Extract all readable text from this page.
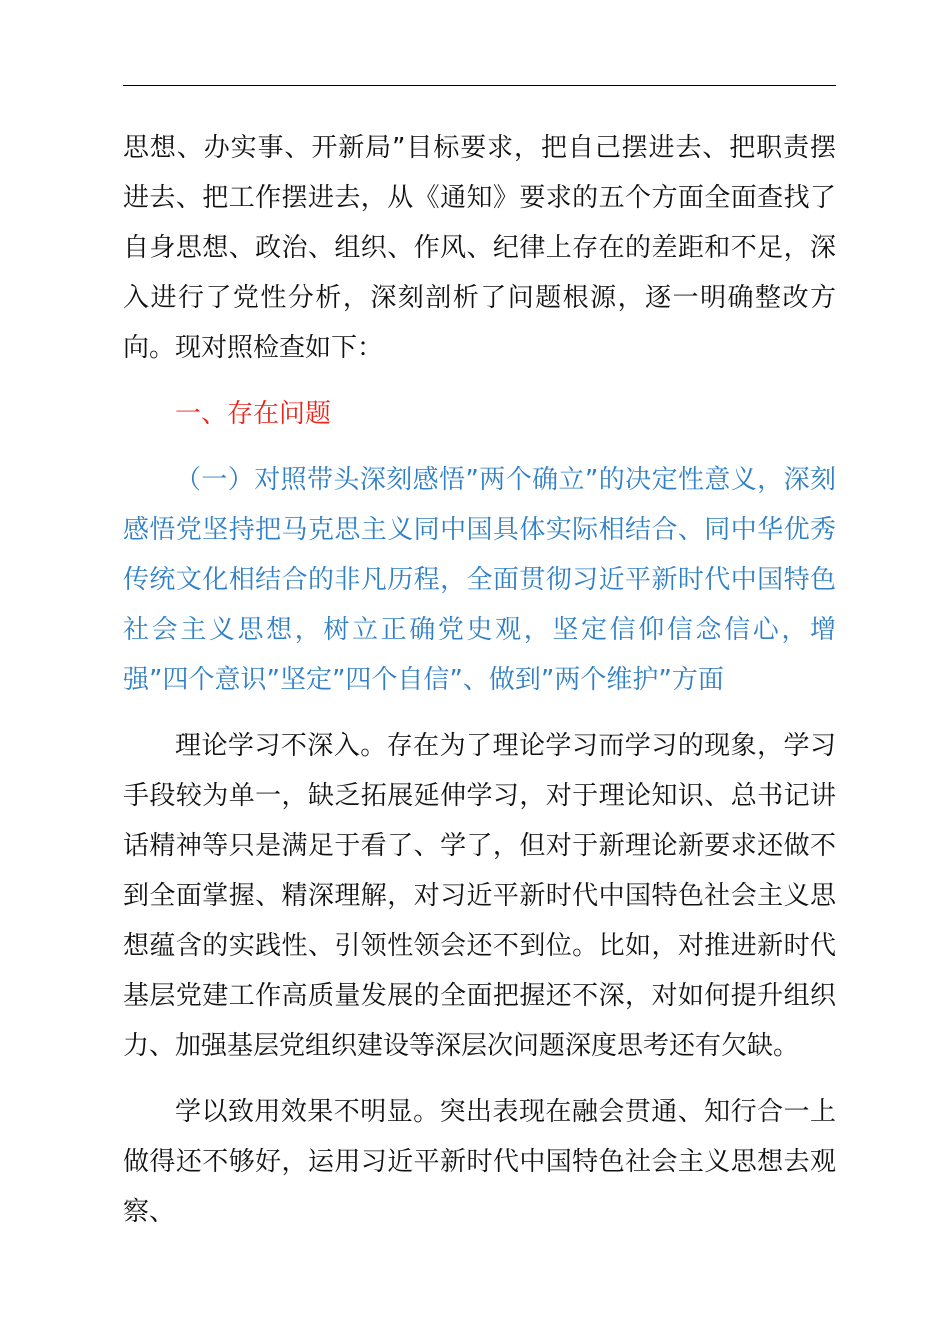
思想、办实事、开新局”目标要求，把自己摆进去、把职责摆进去、把工作摆进去，从《通知》要求的五个方面全面查找了自身思想、政治、组织、作风、纪律上存在的差距和不足，深入进行了党性分析，深刻剖析了问题根源，逐一明确整改方向。现对照检查如下：

一、存在问题

（一）对照带头深刻感悟”两个确立”的决定性意义，深刻感悟党坚持把马克思主义同中国具体实际相结合、同中华优秀传统文化相结合的非凡历程，全面贯彻习近平新时代中国特色社会主义思想，树立正确党史观，坚定信仰信念信心，增强”四个意识”坚定”四个自信”、做到”两个维护”方面

理论学习不深入。存在为了理论学习而学习的现象，学习手段较为单一，缺乏拓展延伸学习，对于理论知识、总书记讲话精神等只是满足于看了、学了，但对于新理论新要求还做不到全面掌握、精深理解，对习近平新时代中国特色社会主义思想蕴含的实践性、引领性领会还不到位。比如，对推进新时代基层党建工作高质量发展的全面把握还不深，对如何提升组织力、加强基层党组织建设等深层次问题深度思考还有欠缺。

学以致用效果不明显。突出表现在融会贯通、知行合一上做得还不够好，运用习近平新时代中国特色社会主义思想去观察、
